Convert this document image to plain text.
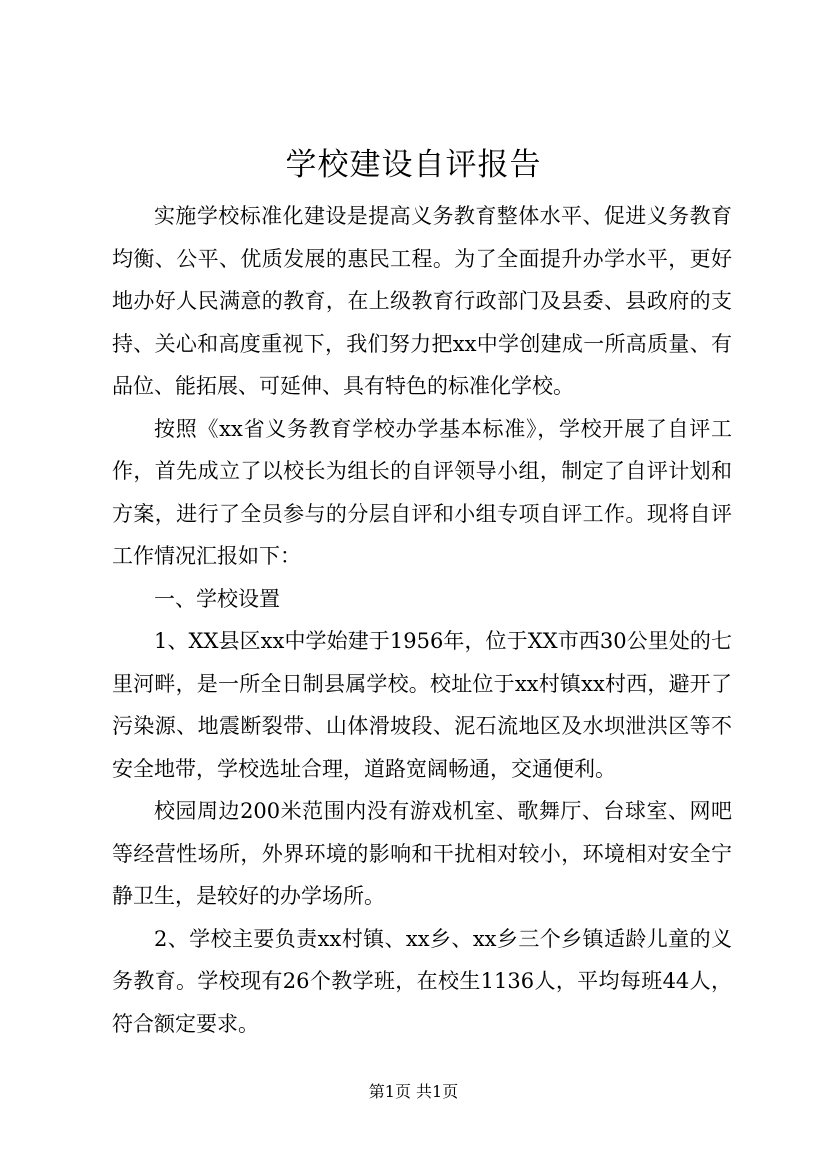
学校建设自评报告

实施学校标准化建设是提高义务教育整体水平、促进义务教育均衡、公平、优质发展的惠民工程。为了全面提升办学水平，更好地办好人民满意的教育，在上级教育行政部门及县委、县政府的支持、关心和高度重视下，我们努力把xx中学创建成一所高质量、有品位、能拓展、可延伸、具有特色的标准化学校。

按照《xx省义务教育学校办学基本标准》，学校开展了自评工作，首先成立了以校长为组长的自评领导小组，制定了自评计划和方案，进行了全员参与的分层自评和小组专项自评工作。现将自评工作情况汇报如下：

一、学校设置

1、XX县区xx中学始建于1956年，位于XX市西30公里处的七里河畔，是一所全日制县属学校。校址位于xx村镇xx村西，避开了污染源、地震断裂带、山体滑坡段、泥石流地区及水坝泄洪区等不安全地带，学校选址合理，道路宽阔畅通，交通便利。

校园周边200米范围内没有游戏机室、歌舞厅、台球室、网吧等经营性场所，外界环境的影响和干扰相对较小，环境相对安全宁静卫生，是较好的办学场所。

2、学校主要负责xx村镇、xx乡、xx乡三个乡镇适龄儿童的义务教育。学校现有26个教学班，在校生1136人，平均每班44人，符合额定要求。

第1页 共1页
